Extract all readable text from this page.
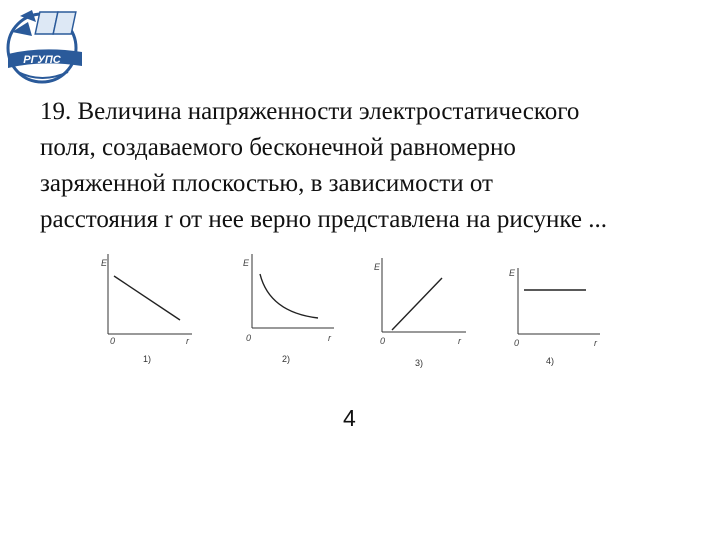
РГУПС

19. Величина напряженности электростатического
поля, создаваемого бесконечной равномерно
заряженной плоскостью, в зависимости от
расстояния r от нее верно представлена на рисунке ...

E
r
0
1)
E
r
0
2)
E
r
0
3)
E
r
0
4)
4
